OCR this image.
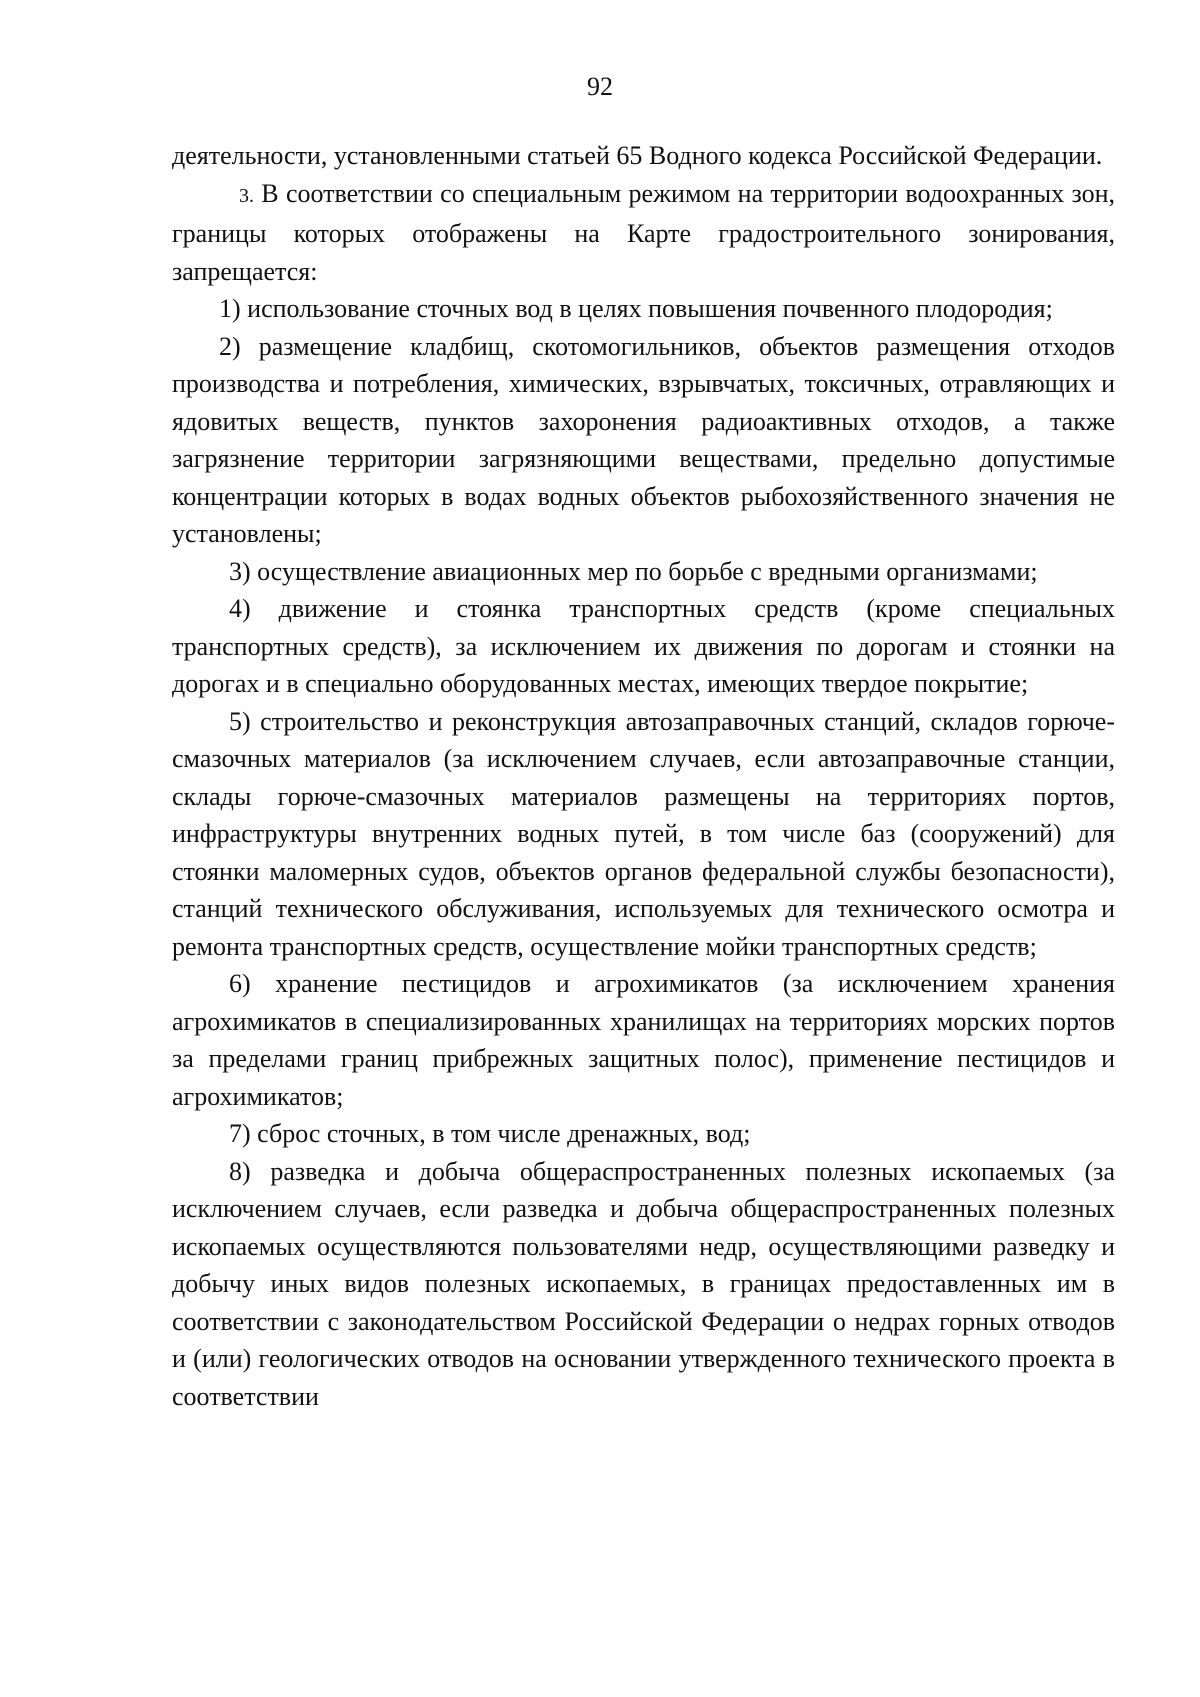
92

деятельности, установленными статьей 65 Водного кодекса Российской Федерации.

3. В соответствии со специальным режимом на территории водоохранных зон, границы которых отображены на Карте градостроительного зонирования, запрещается:

1) использование сточных вод в целях повышения почвенного плодородия;

2) размещение кладбищ, скотомогильников, объектов размещения отходов производства и потребления, химических, взрывчатых, токсичных, отравляющих и ядовитых веществ, пунктов захоронения радиоактивных отходов, а также загрязнение территории загрязняющими веществами, предельно допустимые концентрации которых в водах водных объектов рыбохозяйственного значения не установлены;

3) осуществление авиационных мер по борьбе с вредными организмами;

4) движение и стоянка транспортных средств (кроме специальных транспортных средств), за исключением их движения по дорогам и стоянки на дорогах и в специально оборудованных местах, имеющих твердое покрытие;

5) строительство и реконструкция автозаправочных станций, складов горюче-смазочных материалов (за исключением случаев, если автозаправочные станции, склады горюче-смазочных материалов размещены на территориях портов, инфраструктуры внутренних водных путей, в том числе баз (сооружений) для стоянки маломерных судов, объектов органов федеральной службы безопасности), станций технического обслуживания, используемых для технического осмотра и ремонта транспортных средств, осуществление мойки транспортных средств;

6) хранение пестицидов и агрохимикатов (за исключением хранения агрохимикатов в специализированных хранилищах на территориях морских портов за пределами границ прибрежных защитных полос), применение пестицидов и агрохимикатов;

7) сброс сточных, в том числе дренажных, вод;

8) разведка и добыча общераспространенных полезных ископаемых (за исключением случаев, если разведка и добыча общераспространенных полезных ископаемых осуществляются пользователями недр, осуществляющими разведку и добычу иных видов полезных ископаемых, в границах предоставленных им в соответствии с законодательством Российской Федерации о недрах горных отводов и (или) геологических отводов на основании утвержденного технического проекта в соответствии
